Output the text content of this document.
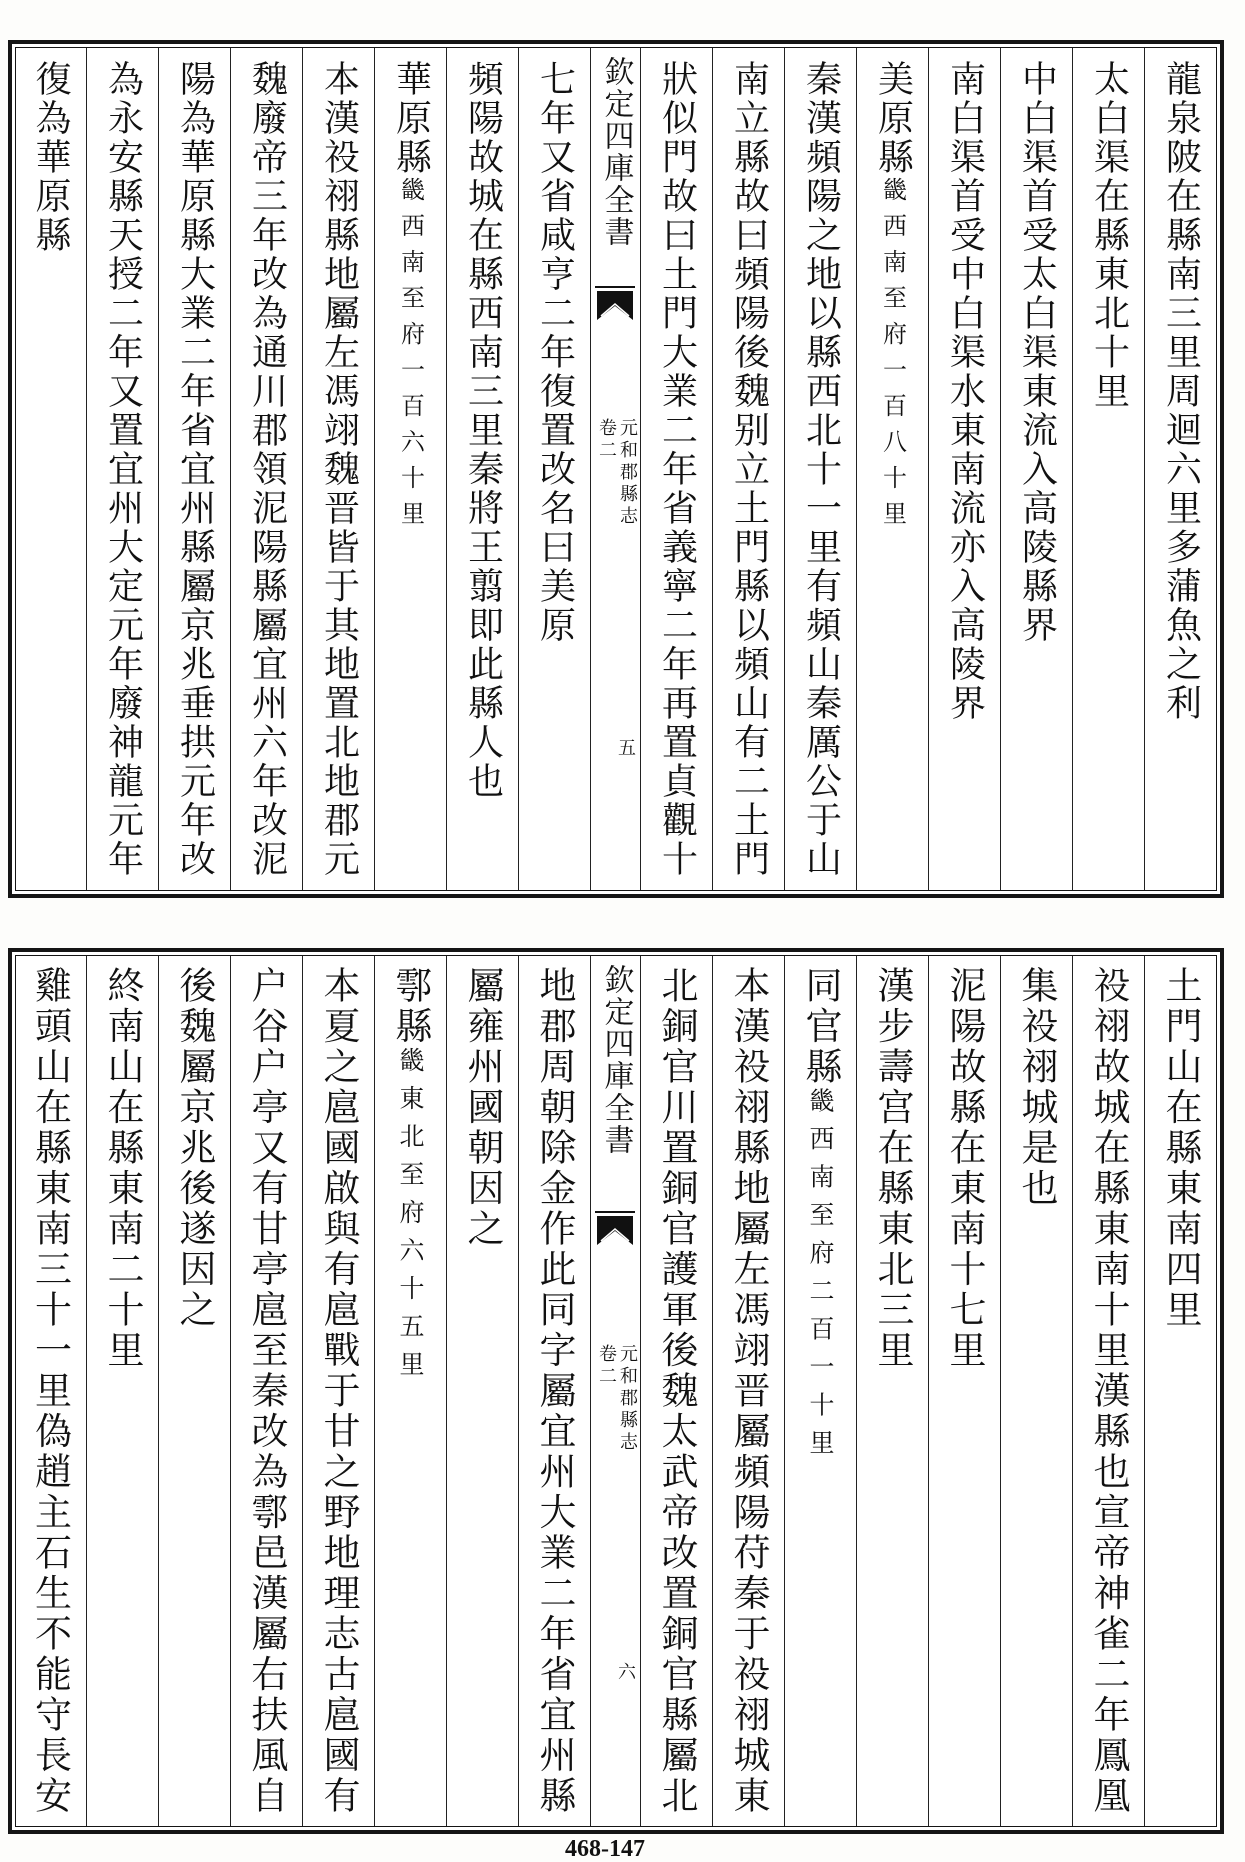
龍泉陂在縣南三里周迴六里多蒲魚之利
太白渠在縣東北十里
中白渠首受太白渠東流入高陵縣界
南白渠首受中白渠水東南流亦入高陵界
美原縣畿西南至府一百八十里
秦漢頻陽之地以縣西北十一里有頻山秦厲公于山
南立縣故曰頻陽後魏别立土門縣以頻山有二土門
狀似門故曰土門大業二年省義寧二年再置貞觀十
欽定四庫全書
元和郡縣志
卷二
五
七年又省咸亨二年復置改名曰美原
頻陽故城在縣西南三里秦將王翦即此縣人也
華原縣畿西南至府一百六十里
本漢祋祤縣地屬左馮翊魏晋皆于其地置北地郡元
魏廢帝三年改為通川郡領泥陽縣屬宜州六年改泥
陽為華原縣大業二年省宜州縣屬京兆垂拱元年改
為永安縣天授二年又置宜州大定元年廢神龍元年
復為華原縣
土門山在縣東南四里
祋祤故城在縣東南十里漢縣也宣帝神雀二年鳳凰
集祋祤城是也
泥陽故縣在東南十七里
漢步壽宫在縣東北三里
同官縣畿西南至府二百一十里
本漢祋祤縣地屬左馮翊晋屬頻陽苻秦于祋祤城東
北銅官川置銅官護軍後魏太武帝改置銅官縣屬北
欽定四庫全書
元和郡縣志
卷二
六
地郡周朝除金作此同字屬宜州大業二年省宜州縣
屬雍州國朝因之
鄠縣畿東北至府六十五里
本夏之扈國啟與有扈戰于甘之野地理志古扈國有
户谷户亭又有甘亭扈至秦改為鄠邑漢屬右扶風自
後魏屬京兆後遂因之
終南山在縣東南二十里
雞頭山在縣東南三十一里偽趙主石生不能守長安
468-147
